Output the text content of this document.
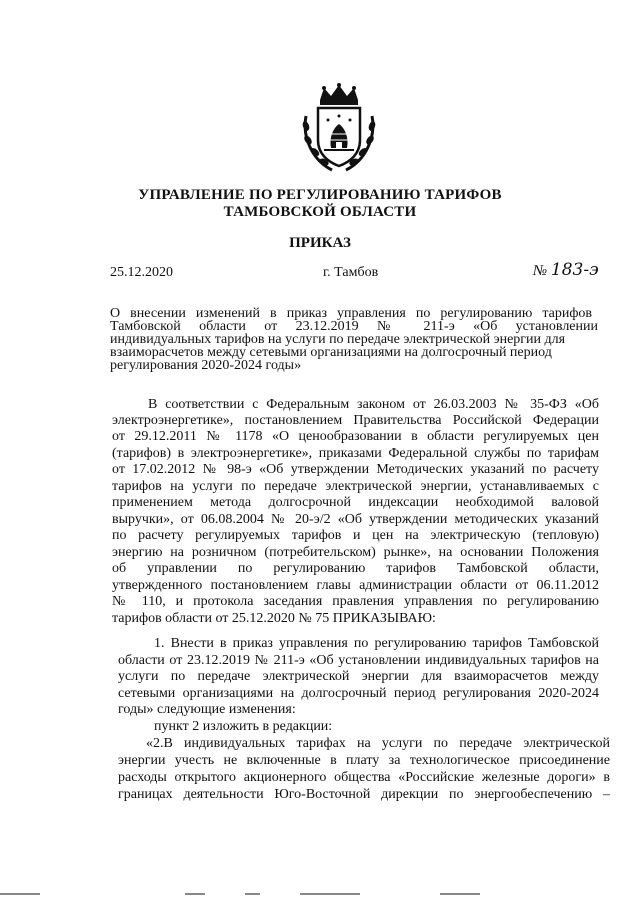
УПРАВЛЕНИЕ ПО РЕГУЛИРОВАНИЮ ТАРИФОВ
ТАМБОВСКОЙ ОБЛАСТИ
ПРИКАЗ
25.12.2020	г. Тамбов	№ 183-э
О внесении изменений в приказ управления по регулированию тарифов
Тамбовской области от 23.12.2019 № 211-э «Об установлении
индивидуальных тарифов на услуги по передаче электрической энергии для
взаиморасчетов между сетевыми организациями на долгосрочный период
регулирования 2020-2024 годы»
В соответствии с Федеральным законом от 26.03.2003 № 35-ФЗ «Об
электроэнергетике», постановлением Правительства Российской Федерации
от 29.12.2011 № 1178 «О ценообразовании в области регулируемых цен
(тарифов) в электроэнергетике», приказами Федеральной службы по тарифам
от 17.02.2012 № 98-э «Об утверждении Методических указаний по расчету
тарифов на услуги по передаче электрической энергии, устанавливаемых с
применением метода долгосрочной индексации необходимой валовой
выручки», от 06.08.2004 № 20-э/2 «Об утверждении методических указаний
по расчету регулируемых тарифов и цен на электрическую (тепловую)
энергию на розничном (потребительском) рынке», на основании Положения
об управлении по регулированию тарифов Тамбовской области,
утвержденного постановлением главы администрации области от 06.11.2012
№ 110, и протокола заседания правления управления по регулированию
тарифов области от 25.12.2020 № 75 ПРИКАЗЫВАЮ:
1. Внести в приказ управления по регулированию тарифов Тамбовской
области от 23.12.2019 № 211-э «Об установлении индивидуальных тарифов на
услуги по передаче электрической энергии для взаиморасчетов между
сетевыми организациями на долгосрочный период регулирования 2020-2024
годы» следующие изменения:
пункт 2 изложить в редакции:
«2.В индивидуальных тарифах на услуги по передаче электрической
энергии учесть не включенные в плату за технологическое присоединение
расходы открытого акционерного общества «Российские железные дороги» в
границах деятельности Юго-Восточной дирекции по энергообеспечению –
